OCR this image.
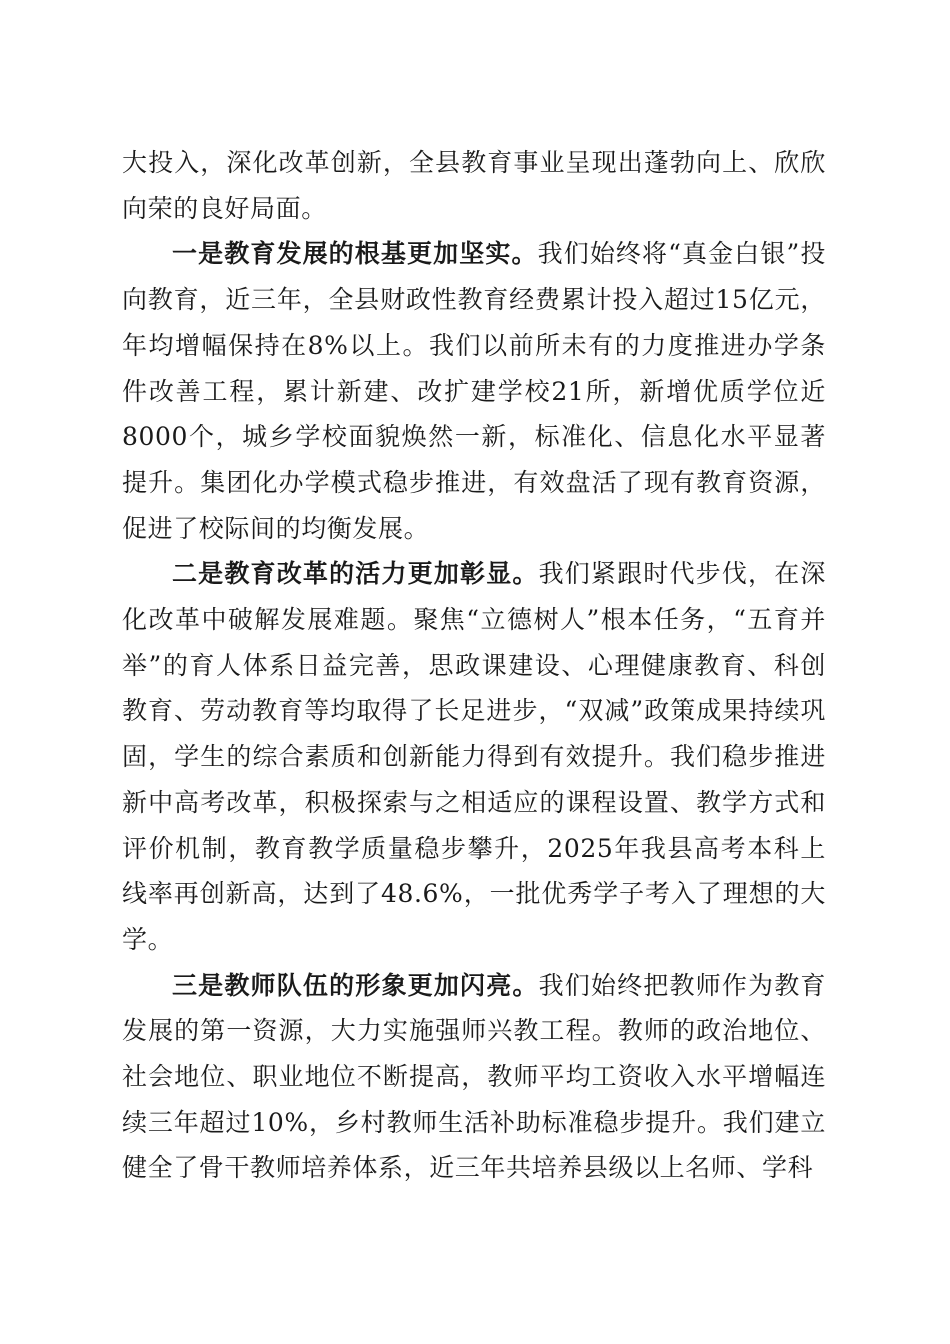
大投入，深化改革创新，全县教育事业呈现出蓬勃向上、欣欣向荣的良好局面。

一是教育发展的根基更加坚实。我们始终将“真金白银”投向教育，近三年，全县财政性教育经费累计投入超过15亿元，年均增幅保持在8%以上。我们以前所未有的力度推进办学条件改善工程，累计新建、改扩建学校21所，新增优质学位近8000个，城乡学校面貌焕然一新，标准化、信息化水平显著提升。集团化办学模式稳步推进，有效盘活了现有教育资源，促进了校际间的均衡发展。

二是教育改革的活力更加彰显。我们紧跟时代步伐，在深化改革中破解发展难题。聚焦“立德树人”根本任务，“五育并举”的育人体系日益完善，思政课建设、心理健康教育、科创教育、劳动教育等均取得了长足进步，“双减”政策成果持续巩固，学生的综合素质和创新能力得到有效提升。我们稳步推进新中高考改革，积极探索与之相适应的课程设置、教学方式和评价机制，教育教学质量稳步攀升，2025年我县高考本科上线率再创新高，达到了48.6%，一批优秀学子考入了理想的大学。

三是教师队伍的形象更加闪亮。我们始终把教师作为教育发展的第一资源，大力实施强师兴教工程。教师的政治地位、社会地位、职业地位不断提高，教师平均工资收入水平增幅连续三年超过10%，乡村教师生活补助标准稳步提升。我们建立健全了骨干教师培养体系，近三年共培养县级以上名师、学科
